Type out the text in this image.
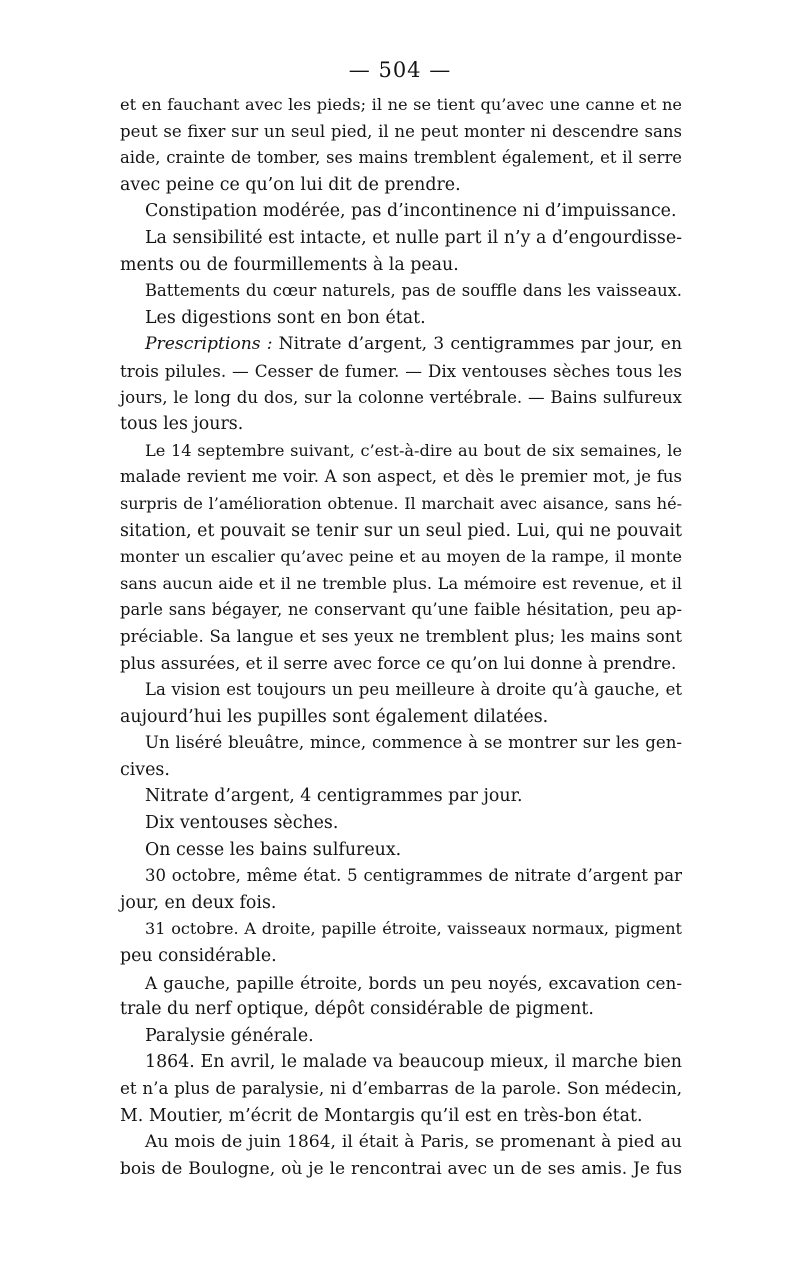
— 504 —
et en fauchant avec les pieds; il ne se tient qu’avec une canne et ne
peut se fixer sur un seul pied, il ne peut monter ni descendre sans
aide, crainte de tomber, ses mains tremblent également, et il serre
avec peine ce qu’on lui dit de prendre.
Constipation modérée, pas d’incontinence ni d’impuissance.
La sensibilité est intacte, et nulle part il n’y a d’engourdisse-
ments ou de fourmillements à la peau.
Battements du cœur naturels, pas de souffle dans les vaisseaux.
Les digestions sont en bon état.
Prescriptions : Nitrate d’argent, 3 centigrammes par jour, en
trois pilules. — Cesser de fumer. — Dix ventouses sèches tous les
jours, le long du dos, sur la colonne vertébrale. — Bains sulfureux
tous les jours.
Le 14 septembre suivant, c’est-à-dire au bout de six semaines, le
malade revient me voir. A son aspect, et dès le premier mot, je fus
surpris de l’amélioration obtenue. Il marchait avec aisance, sans hé-
sitation, et pouvait se tenir sur un seul pied. Lui, qui ne pouvait
monter un escalier qu’avec peine et au moyen de la rampe, il monte
sans aucun aide et il ne tremble plus. La mémoire est revenue, et il
parle sans bégayer, ne conservant qu’une faible hésitation, peu ap-
préciable. Sa langue et ses yeux ne tremblent plus; les mains sont
plus assurées, et il serre avec force ce qu’on lui donne à prendre.
La vision est toujours un peu meilleure à droite qu’à gauche, et
aujourd’hui les pupilles sont également dilatées.
Un liséré bleuâtre, mince, commence à se montrer sur les gen-
cives.
Nitrate d’argent, 4 centigrammes par jour.
Dix ventouses sèches.
On cesse les bains sulfureux.
30 octobre, même état. 5 centigrammes de nitrate d’argent par
jour, en deux fois.
31 octobre. A droite, papille étroite, vaisseaux normaux, pigment
peu considérable.
A gauche, papille étroite, bords un peu noyés, excavation cen-
trale du nerf optique, dépôt considérable de pigment.
Paralysie générale.
1864. En avril, le malade va beaucoup mieux, il marche bien
et n’a plus de paralysie, ni d’embarras de la parole. Son médecin,
M. Moutier, m’écrit de Montargis qu’il est en très-bon état.
Au mois de juin 1864, il était à Paris, se promenant à pied au
bois de Boulogne, où je le rencontrai avec un de ses amis. Je fus
